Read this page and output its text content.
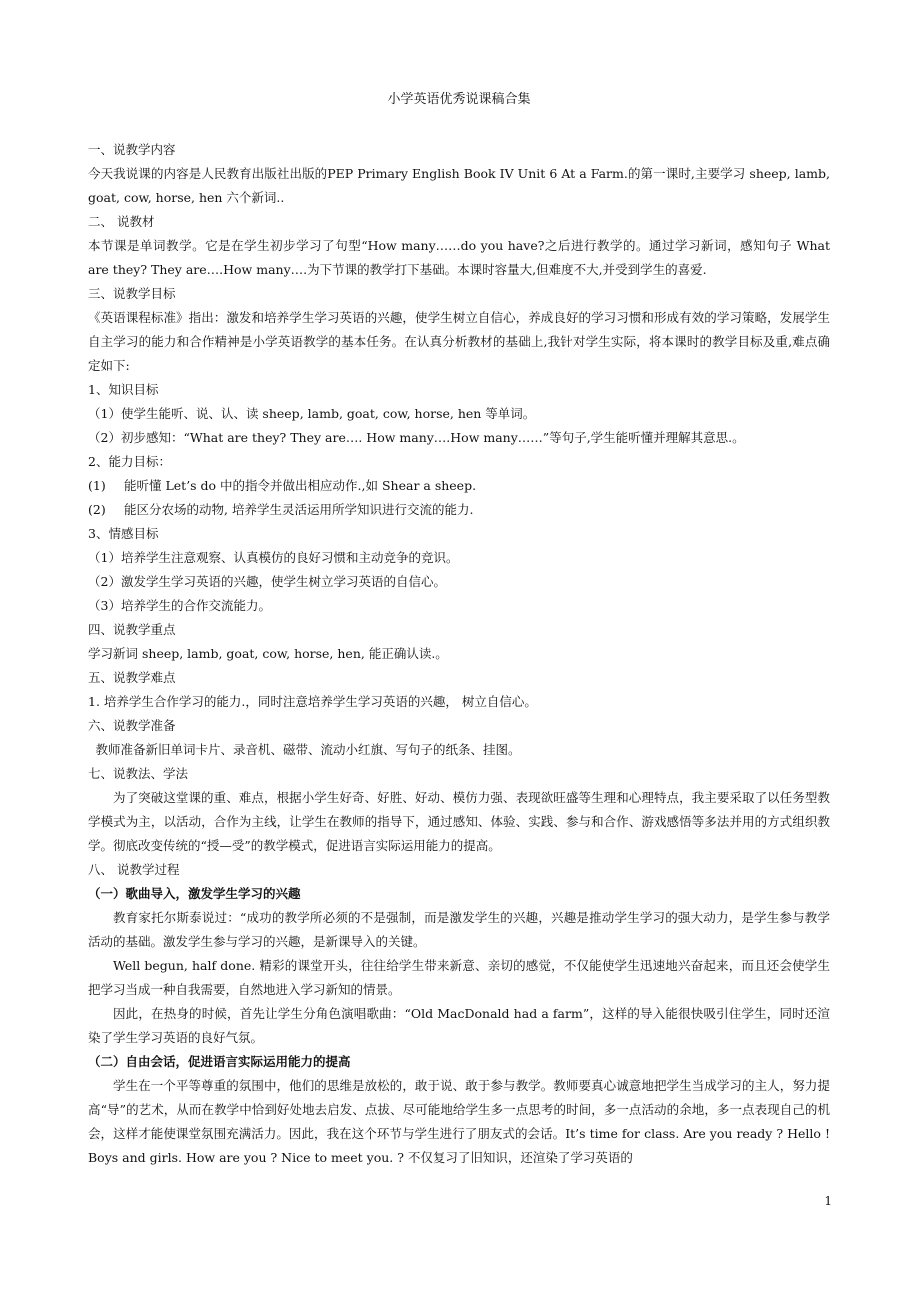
小学英语优秀说课稿合集

一、说教学内容

今天我说课的内容是人民教育出版社出版的PEP Primary English Book IV Unit 6 At a Farm.的第一课时,主要学习 sheep, lamb, goat, cow, horse, hen 六个新词..

二、 说教材

本节课是单词教学。它是在学生初步学习了句型“How many……do you have?之后进行教学的。通过学习新词，感知句子 What are they? They are….How many….为下节课的教学打下基础。本课时容量大,但难度不大,并受到学生的喜爱.

三、说教学目标

《英语课程标准》指出：激发和培养学生学习英语的兴趣，使学生树立自信心，养成良好的学习习惯和形成有效的学习策略，发展学生自主学习的能力和合作精神是小学英语教学的基本任务。在认真分析教材的基础上,我针对学生实际，将本课时的教学目标及重,难点确定如下:

1、知识目标

（1）使学生能听、说、认、读 sheep, lamb, goat, cow, horse, hen 等单词。

（2）初步感知：“What are they? They are…. How many….How many……”等句子,学生能听懂并理解其意思.。

2、能力目标：

(1)	能听懂 Let’s do 中的指令并做出相应动作.,如 Shear a sheep.
(2)	能区分农场的动物, 培养学生灵活运用所学知识进行交流的能力.

3、情感目标

（1）培养学生注意观察、认真模仿的良好习惯和主动竞争的竞识。

（2）激发学生学习英语的兴趣，使学生树立学习英语的自信心。

（3）培养学生的合作交流能力。

四、说教学重点

学习新词 sheep, lamb, goat, cow, horse, hen, 能正确认读.。

五、说教学难点

1. 培养学生合作学习的能力.，同时注意培养学生学习英语的兴趣， 树立自信心。

六、说教学准备

教师准备新旧单词卡片、录音机、磁带、流动小红旗、写句子的纸条、挂图。

七、说教法、学法

为了突破这堂课的重、难点，根据小学生好奇、好胜、好动、模仿力强、表现欲旺盛等生理和心理特点，我主要采取了以任务型教学模式为主，以活动，合作为主线，让学生在教师的指导下，通过感知、体验、实践、参与和合作、游戏感悟等多法并用的方式组织教学。彻底改变传统的“授—受”的教学模式，促进语言实际运用能力的提高。

八、 说教学过程

（一）歌曲导入，激发学生学习的兴趣

教育家托尔斯泰说过：“成功的教学所必须的不是强制，而是激发学生的兴趣，兴趣是推动学生学习的强大动力，是学生参与教学活动的基础。激发学生参与学习的兴趣，是新课导入的关键。

Well begun, half done. 精彩的课堂开头，往往给学生带来新意、亲切的感觉，不仅能使学生迅速地兴奋起来，而且还会使学生把学习当成一种自我需要，自然地进入学习新知的情景。

因此，在热身的时候，首先让学生分角色演唱歌曲：“Old MacDonald had a farm”，这样的导入能很快吸引住学生，同时还渲染了学生学习英语的良好气氛。

（二）自由会话，促进语言实际运用能力的提高

学生在一个平等尊重的氛围中，他们的思维是放松的，敢于说、敢于参与教学。教师要真心诚意地把学生当成学习的主人，努力提高“导”的艺术，从而在教学中恰到好处地去启发、点拔、尽可能地给学生多一点思考的时间，多一点活动的余地，多一点表现自己的机会，这样才能使课堂氛围充满活力。因此，我在这个环节与学生进行了朋友式的会话。It’s time for class. Are you ready ? Hello ! Boys and girls. How are you ? Nice to meet you. ? 不仅复习了旧知识，还渲染了学习英语的

1
